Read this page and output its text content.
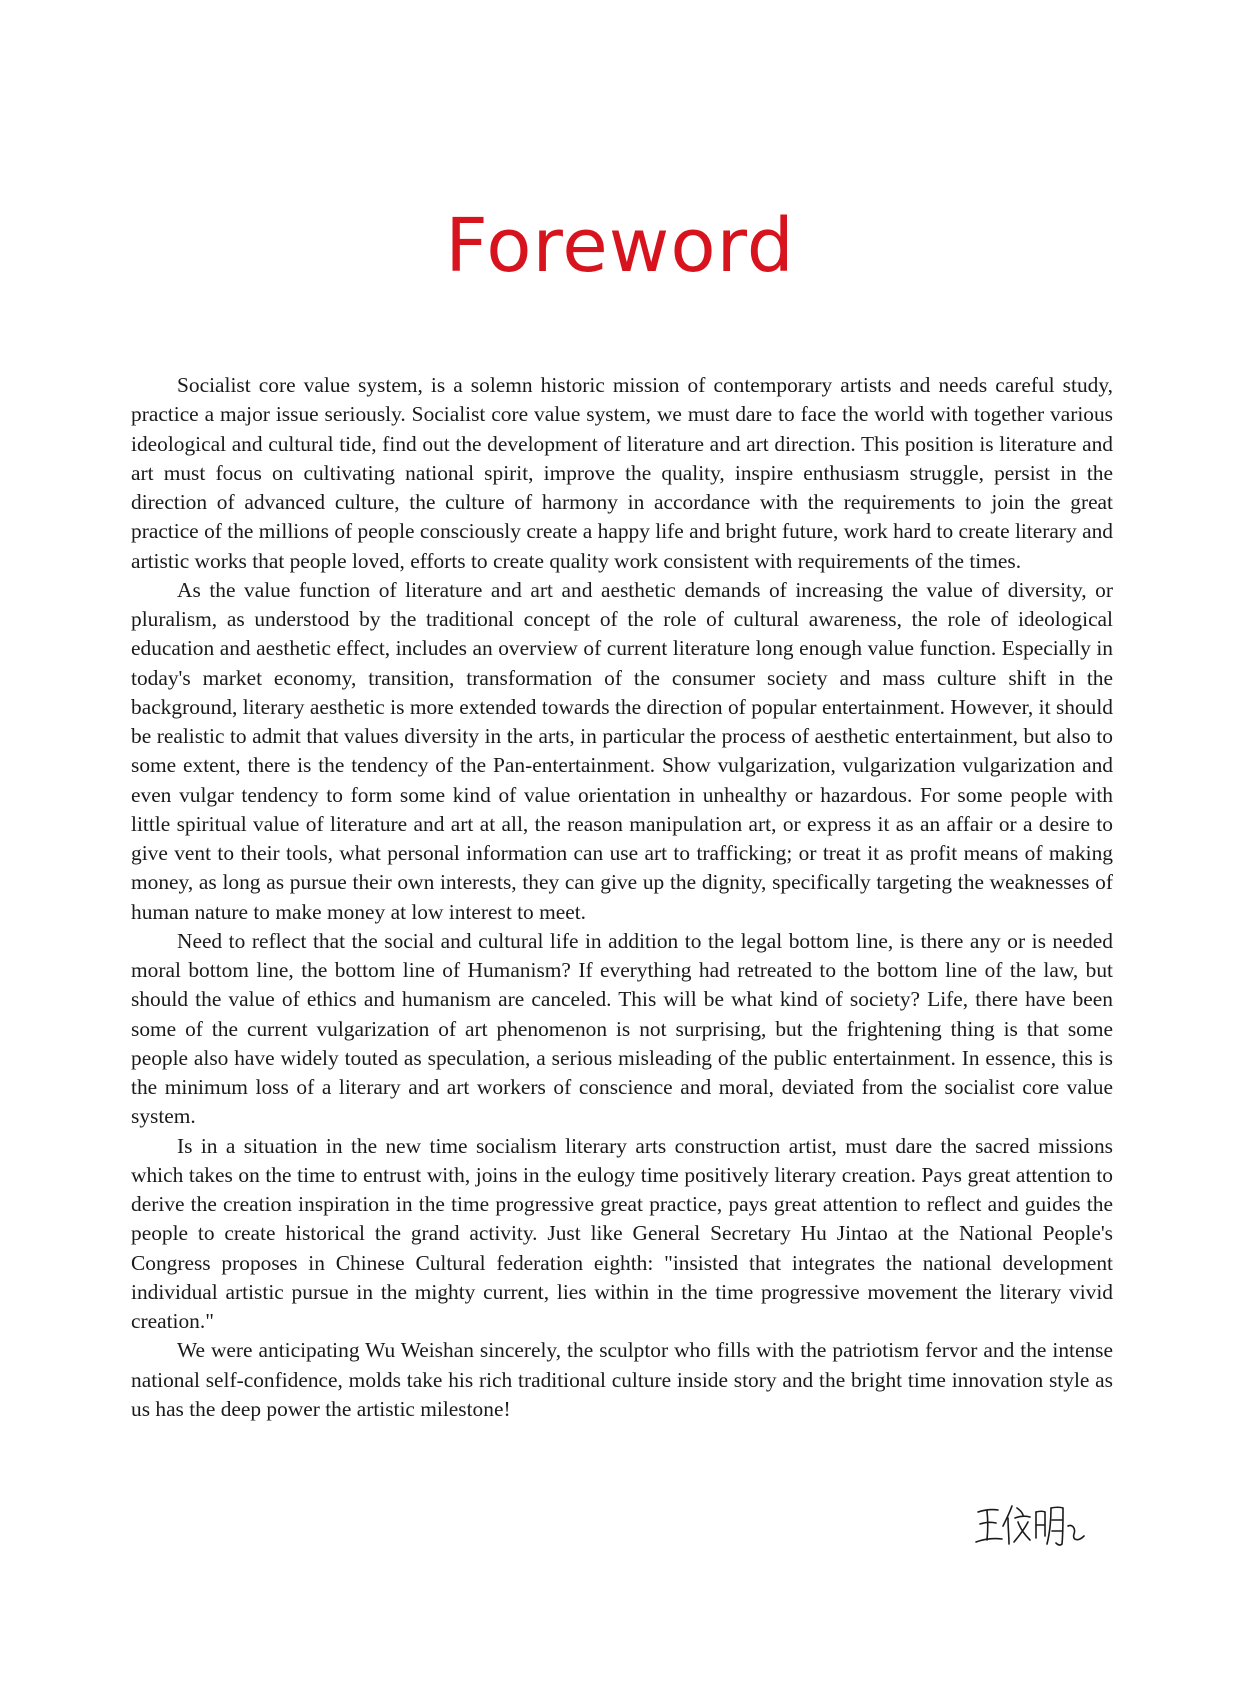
Foreword

Socialist core value system, is a solemn historic mission of contemporary artists and needs careful study, practice a major issue seriously. Socialist core value system, we must dare to face the world with together various ideological and cultural tide, find out the development of literature and art direction. This position is literature and art must focus on cultivating national spirit, improve the quality, inspire enthusiasm struggle, persist in the direction of advanced culture, the culture of harmony in accordance with the requirements to join the great practice of the millions of people consciously create a happy life and bright future, work hard to create literary and artistic works that people loved, efforts to create quality work consistent with requirements of the times.

As the value function of literature and art and aesthetic demands of increasing the value of diversity, or pluralism, as understood by the traditional concept of the role of cultural awareness, the role of ideological education and aesthetic effect, includes an overview of current literature long enough value function. Especially in today's market economy, transition, transformation of the consumer society and mass culture shift in the background, literary aesthetic is more extended towards the direction of popular entertainment. However, it should be realistic to admit that values diversity in the arts, in particular the process of aesthetic entertainment, but also to some extent, there is the tendency of the Pan-entertainment. Show vulgarization, vulgarization vulgarization and even vulgar tendency to form some kind of value orientation in unhealthy or hazardous. For some people with little spiritual value of literature and art at all, the reason manipulation art, or express it as an affair or a desire to give vent to their tools, what personal information can use art to trafficking; or treat it as profit means of making money, as long as pursue their own interests, they can give up the dignity, specifically targeting the weaknesses of human nature to make money at low interest to meet.

Need to reflect that the social and cultural life in addition to the legal bottom line, is there any or is needed moral bottom line, the bottom line of Humanism? If everything had retreated to the bottom line of the law, but should the value of ethics and humanism are canceled. This will be what kind of society? Life, there have been some of the current vulgarization of art phenomenon is not surprising, but the frightening thing is that some people also have widely touted as speculation, a serious misleading of the public entertainment. In essence, this is the minimum loss of a literary and art workers of conscience and moral, deviated from the socialist core value system.

Is in a situation in the new time socialism literary arts construction artist, must dare the sacred missions which takes on the time to entrust with, joins in the eulogy time positively literary creation. Pays great attention to derive the creation inspiration in the time progressive great practice, pays great attention to reflect and guides the people to create historical the grand activity. Just like General Secretary Hu Jintao at the National People's Congress proposes in Chinese Cultural federation eighth: "insisted that integrates the national development individual artistic pursue in the mighty current, lies within in the time progressive movement the literary vivid creation."

We were anticipating Wu Weishan sincerely, the sculptor who fills with the patriotism fervor and the intense national self-confidence, molds take his rich traditional culture inside story and the bright time innovation style as us has the deep power the artistic milestone!
